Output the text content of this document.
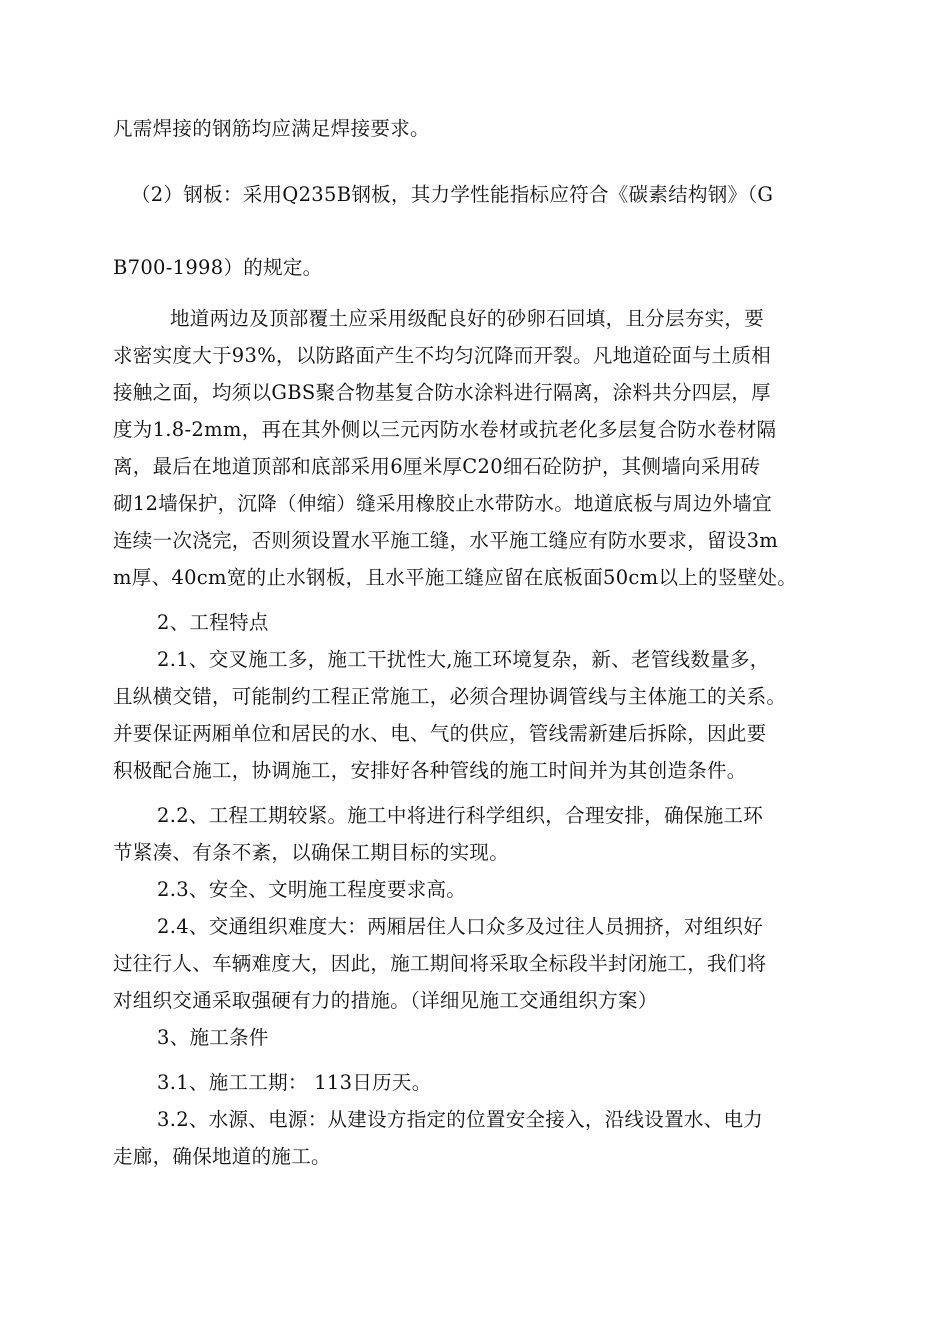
凡需焊接的钢筋均应满足焊接要求。
（2）钢板：采用Q235B钢板，其力学性能指标应符合《碳素结构钢》（G
B700-1998）的规定。
地道两边及顶部覆土应采用级配良好的砂卵石回填，且分层夯实，要
求密实度大于93%，以防路面产生不均匀沉降而开裂。凡地道砼面与土质相
接触之面，均须以GBS聚合物基复合防水涂料进行隔离，涂料共分四层，厚
度为1.8-2mm，再在其外侧以三元丙防水卷材或抗老化多层复合防水卷材隔
离，最后在地道顶部和底部采用6厘米厚C20细石砼防护，其侧墙向采用砖
砌12墙保护，沉降（伸缩）缝采用橡胶止水带防水。地道底板与周边外墙宜
连续一次浇完，否则须设置水平施工缝，水平施工缝应有防水要求，留设3m
m厚、40cm宽的止水钢板，且水平施工缝应留在底板面50cm以上的竖壁处。
2、工程特点
2.1、交叉施工多，施工干扰性大,施工环境复杂，新、老管线数量多，
且纵横交错，可能制约工程正常施工，必须合理协调管线与主体施工的关系。
并要保证两厢单位和居民的水、电、气的供应，管线需新建后拆除，因此要
积极配合施工，协调施工，安排好各种管线的施工时间并为其创造条件。
2.2、工程工期较紧。施工中将进行科学组织，合理安排，确保施工环
节紧凑、有条不紊，以确保工期目标的实现。
2.3、安全、文明施工程度要求高。
2.4、交通组织难度大：两厢居住人口众多及过往人员拥挤，对组织好
过往行人、车辆难度大，因此，施工期间将采取全标段半封闭施工，我们将
对组织交通采取强硬有力的措施。（详细见施工交通组织方案）
3、施工条件
3.1、施工工期： 113日历天。
3.2、水源、电源：从建设方指定的位置安全接入，沿线设置水、电力
走廊，确保地道的施工。
